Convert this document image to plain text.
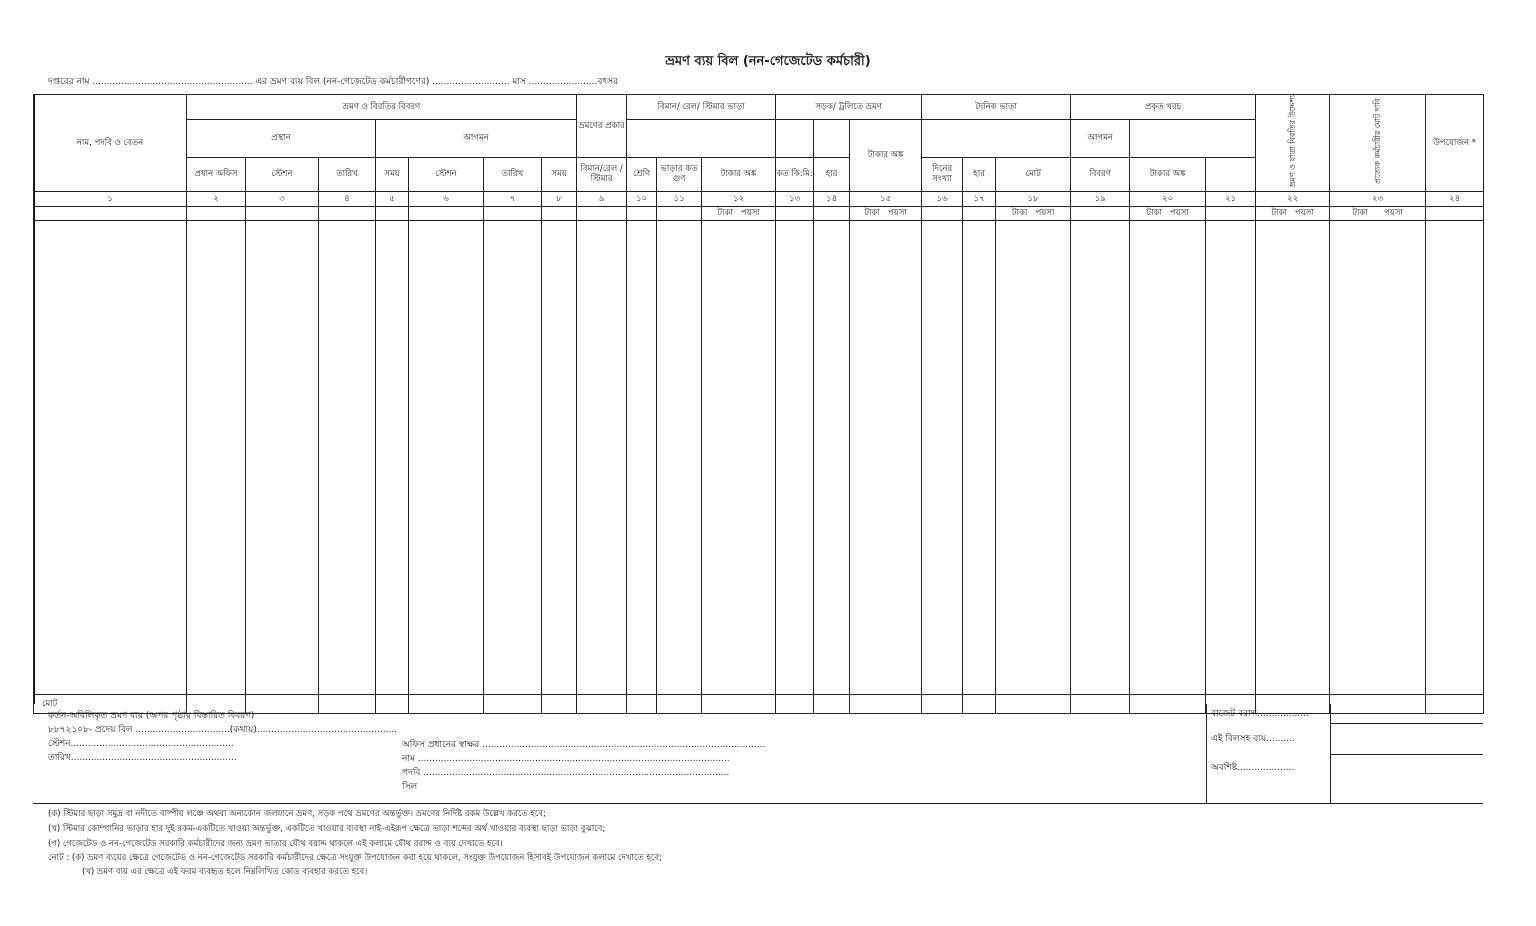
ভ্রমণ ব্যয় বিল (নন-গেজেটেড কর্মচারী)
দপ্তরের নাম ........................................................ এর ভ্রমণ ব্যয় বিল (নন-গেজেটেড কর্মচারীগণের) ........................... মাস ........................বৎসর
নাম, পদবি ও বেতন	ভ্রমণ ও বিরতির বিবরণ							ভ্রমণের প্রকার	বিমান/ রেল/ স্টিমার ভাড়া			সড়ক/ ট্রলিতে ভ্রমণ			দৈনিক ভাতা			প্রকৃত খরচ			ভ্রমণ ও যাত্রা বিরতির উদ্দেশ্য	প্রত্যেক কর্মচারীর মোট দাবি	উপযোজন *	
	প্রস্থান			আগমন										টাকার অঙ্ক				আগমন						
	প্রধান অফিস	স্টেশন	তারিখ	সময়	স্টেশন	তারিখ	সময়	বিমান/রেল /স্টিমার	শ্রেণি	ভাড়ার কত গুণ	টাকার অঙ্ক	কত কি:মি:	হার		দিনের সংখ্যা	হার	মোট	বিবরণ	টাকার অঙ্ক					
১	২	৩	৪	৫	৬	৭	৮	৯	১০	১১	১২	১৩	১৪	১৫	১৬	১৭	১৮	১৯	২০	২১	২২	২৩	২৪	
											টাকা পয়সা			টাকা পয়সা			টাকা পয়সা		টাকা পয়সা		টাকা পয়সা	টাকা পয়সা		

মোট																								
কর্তন-অবিলিকৃত ভ্রমণ ব্যয় (অপর পৃষ্ঠায় বিস্তারিত বিবরণ)
৮৮৭২১০৮- প্রদেয় বিল .................................(কথায়).................................................
স্টেশন.........................................................
তারিখ..........................................................
অফিস প্রধানের স্বাক্ষর ...................................................................................................
নাম .............................................................................................................
পদবি ...........................................................................................................
সিল
বাজেট বরাদ্দ..................
এই বিলসহ ব্যয়..........
অবশিষ্ট....................
(ক) স্টিমার ছাড়া সমুদ্র বা নদীতে বাষ্পীয় লঞ্চে অথবা অন্যকোন জলযানে ভ্রমণ, সড়ক পথে ভ্রমণের অন্তর্ভুক্ত। ভ্রমণের নির্দিষ্ট রকম উল্লেখ করতে হবে;
(খ) স্টিমার কোম্পানির ভাড়ার হার দুই রকম-একটিতে খাওয়া অন্তর্ভুক্ত, একটিতে খাওয়ার ব্যবস্থা নাই-এইরূপ ক্ষেত্রে ভাড়া শব্দের অর্থ খাওয়ার ব্যবস্থা ছাড়া ভাড়া বুঝাবে;
(গ) গেজেটেড ও নন-গেজেটেড সরকারি কর্মচারীদের জন্য ভ্রমণ ভাতার যৌথ বরাদ্দ থাকলে এই কলামে যৌথ বরাদ্দ ও ব্যয় দেখাতে হবে।
নোট : (ক) ভ্রমণ ব্যয়ের ক্ষেত্রে গেজেটেড ও নন-গেজেটেড সরকারি কর্মচারীদের ক্ষেত্রে সংযুক্ত উপযোজন করা হয়ে থাকলে, সংযুক্ত উপযোজন হিসাবই উপযোজন কলামে দেখাতে হবে;
(খ) ভ্রমণ ব্যয় এর ক্ষেত্রে এই ফরম ব্যবহৃত হলে নিম্নলিখিত কোড ব্যবহার করতে হবে।
